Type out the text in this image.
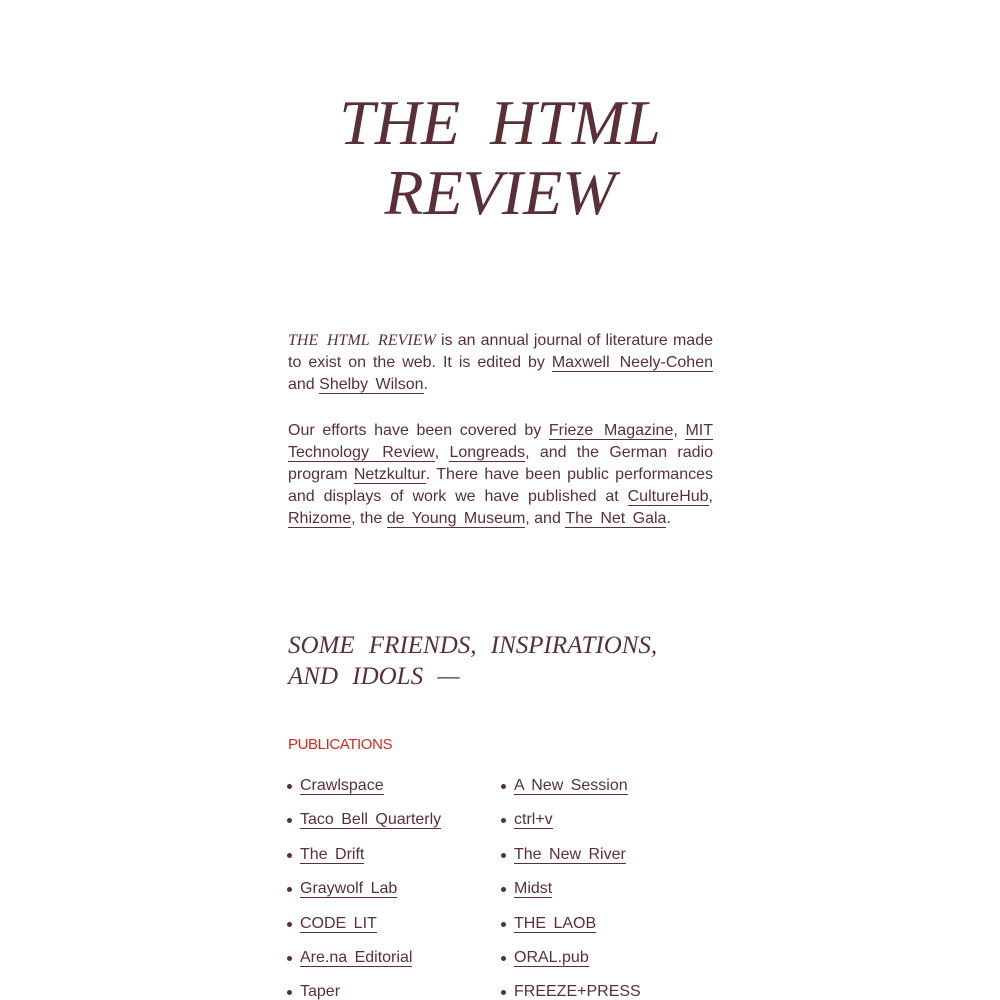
THE HTML
REVIEW

THE HTML REVIEW is an annual journal of literature made to exist on the web. It is edited by Maxwell Neely-Cohen and Shelby Wilson.

Our efforts have been covered by Frieze Magazine, MIT Technology Review, Longreads, and the German radio program Netzkultur. There have been public performances and displays of work we have published at CultureHub, Rhizome, the de Young Museum, and The Net Gala.

SOME FRIENDS, INSPIRATIONS,
AND IDOLS —
PUBLICATIONS
Crawlspace	A New Session
Taco Bell Quarterly	ctrl+v
The Drift	The New River
Graywolf Lab	Midst
CODE LIT	THE LAOB
Are.na Editorial	ORAL.pub
Taper	FREEZE+PRESS
